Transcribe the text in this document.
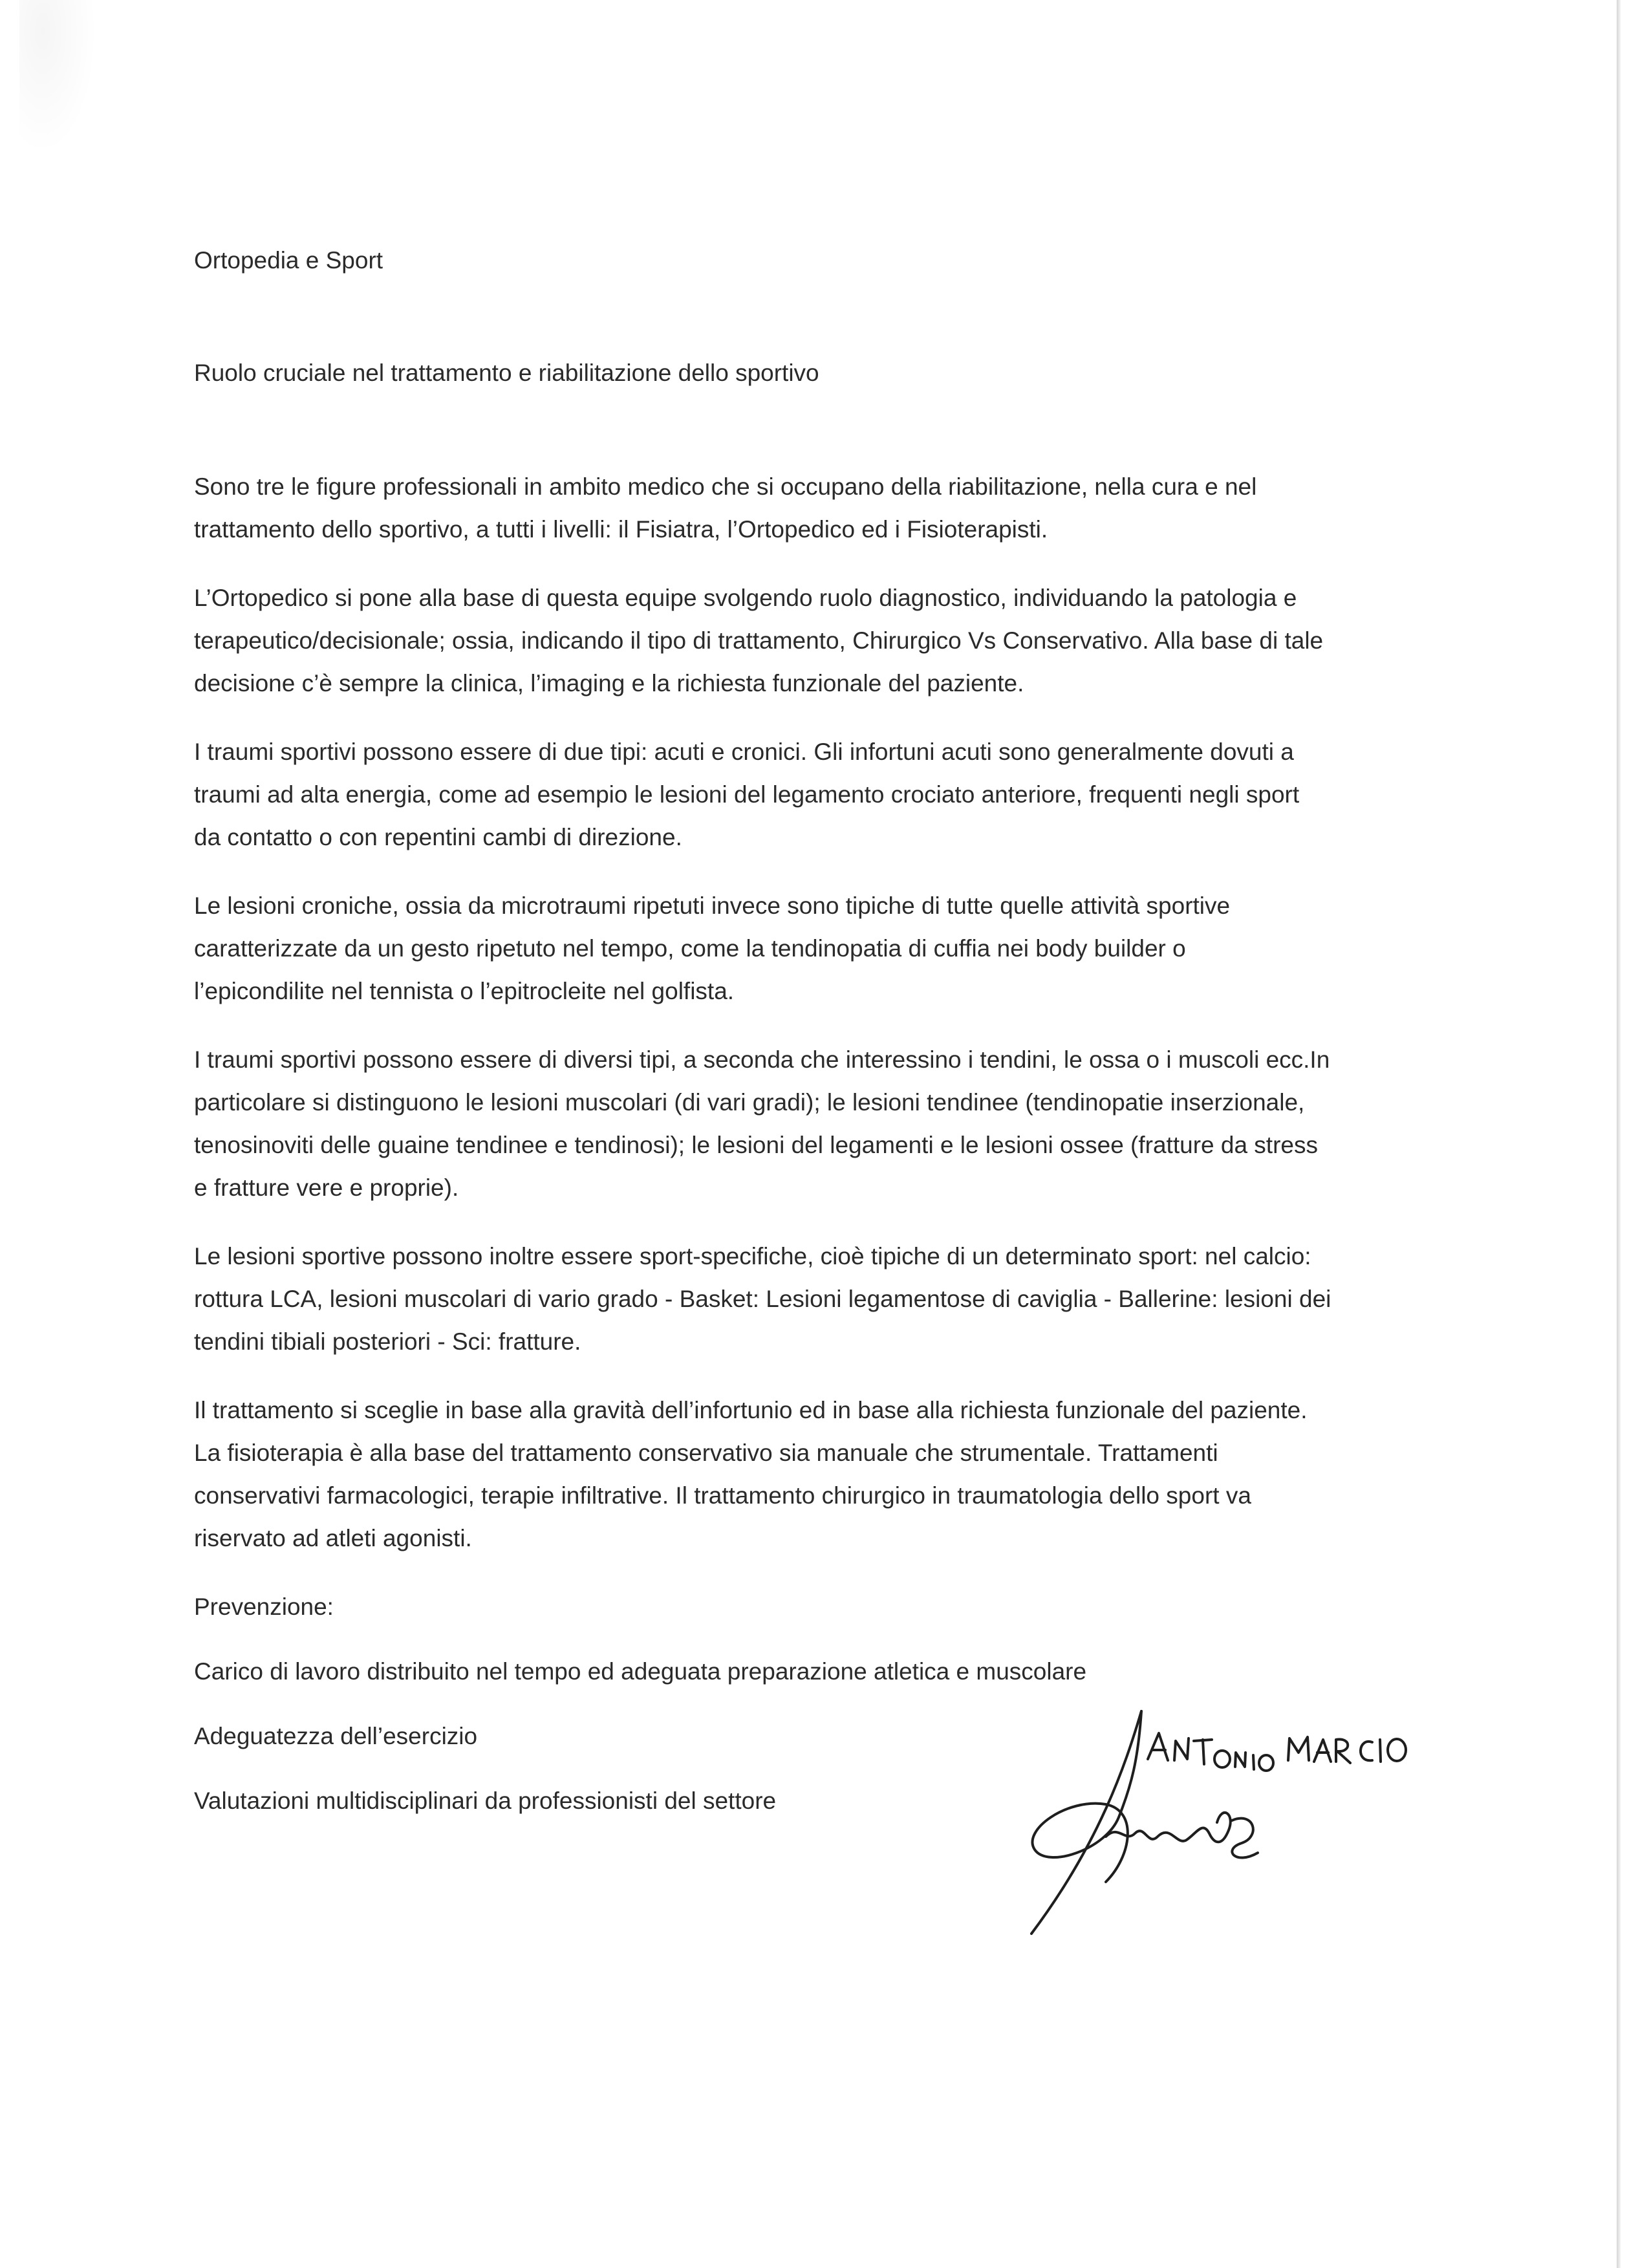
Ortopedia e Sport

Ruolo cruciale nel trattamento e riabilitazione dello sportivo

Sono tre le figure professionali in ambito medico che si occupano della riabilitazione, nella cura e nel

trattamento dello sportivo, a tutti i livelli: il Fisiatra, l’Ortopedico ed i Fisioterapisti.

L’Ortopedico si pone alla base di questa equipe svolgendo ruolo diagnostico, individuando la patologia e

terapeutico/decisionale; ossia, indicando il tipo di trattamento, Chirurgico Vs Conservativo. Alla base di tale

decisione c’è sempre la clinica, l’imaging e la richiesta funzionale del paziente.

I traumi sportivi possono essere di due tipi: acuti e cronici. Gli infortuni acuti sono generalmente dovuti a

traumi ad alta energia, come ad esempio le lesioni del legamento crociato anteriore, frequenti negli sport

da contatto o con repentini cambi di direzione.

Le lesioni croniche, ossia da microtraumi ripetuti invece sono tipiche di tutte quelle attività sportive

caratterizzate da un gesto ripetuto nel tempo, come la tendinopatia di cuffia nei body builder o

l’epicondilite nel tennista o l’epitrocleite nel golfista.

I traumi sportivi possono essere di diversi tipi, a seconda che interessino i tendini, le ossa o i muscoli ecc.In

particolare si distinguono le lesioni muscolari (di vari gradi); le lesioni tendinee (tendinopatie inserzionale,

tenosinoviti delle guaine tendinee e tendinosi); le lesioni del legamenti e le lesioni ossee (fratture da stress

e fratture vere e proprie).

Le lesioni sportive possono inoltre essere sport-specifiche, cioè tipiche di un determinato sport: nel calcio:

rottura LCA, lesioni muscolari di vario grado - Basket: Lesioni legamentose di caviglia - Ballerine: lesioni dei

tendini tibiali posteriori - Sci: fratture.

Il trattamento si sceglie in base alla gravità dell’infortunio ed in base alla richiesta funzionale del paziente.

La fisioterapia è alla base del trattamento conservativo sia manuale che strumentale. Trattamenti

conservativi farmacologici, terapie infiltrative. Il trattamento chirurgico in traumatologia dello sport va

riservato ad atleti agonisti.

Prevenzione:

Carico di lavoro distribuito nel tempo ed adeguata preparazione atletica e muscolare

Adeguatezza dell’esercizio

Valutazioni multidisciplinari da professionisti del settore
